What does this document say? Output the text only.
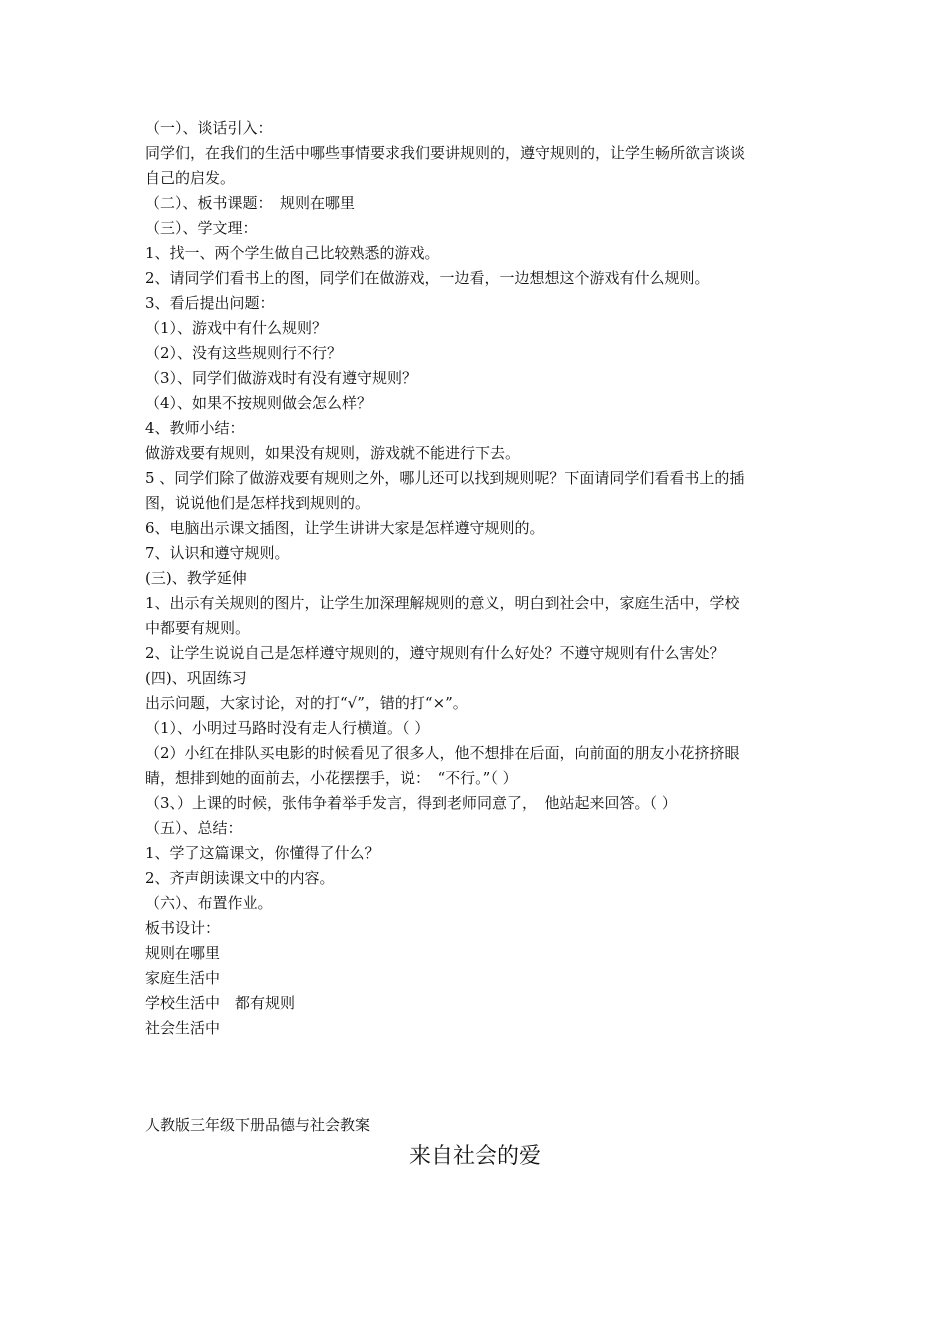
（一）、谈话引入：
同学们，在我们的生活中哪些事情要求我们要讲规则的，遵守规则的，让学生畅所欲言谈谈
自己的启发。
（二）、板书课题：　规则在哪里
（三）、学文理：
1、找一、两个学生做自己比较熟悉的游戏。
2、请同学们看书上的图，同学们在做游戏，一边看，一边想想这个游戏有什么规则。
3、看后提出问题：
（1）、游戏中有什么规则？
（2）、没有这些规则行不行？
（3）、同学们做游戏时有没有遵守规则？
（4）、如果不按规则做会怎么样？
4、教师小结：
做游戏要有规则，如果没有规则，游戏就不能进行下去。
5 、同学们除了做游戏要有规则之外，哪儿还可以找到规则呢？下面请同学们看看书上的插
图，说说他们是怎样找到规则的。
6、电脑出示课文插图，让学生讲讲大家是怎样遵守规则的。
7、认识和遵守规则。
(三)、教学延伸
1、出示有关规则的图片，让学生加深理解规则的意义，明白到社会中，家庭生活中，学校
中都要有规则。
2、让学生说说自己是怎样遵守规则的，遵守规则有什么好处？不遵守规则有什么害处？
(四)、巩固练习
出示问题，大家讨论，对的打“√”，错的打“×”。
（1）、小明过马路时没有走人行横道。（ ）
（2）小红在排队买电影的时候看见了很多人，他不想排在后面，向前面的朋友小花挤挤眼
睛，想排到她的面前去，小花摆摆手，说：　“不行。”（ ）
（3、）上课的时候，张伟争着举手发言，得到老师同意了，　他站起来回答。（ ）
（五）、总结：
1、学了这篇课文，你懂得了什么？
2、齐声朗读课文中的内容。
（六）、布置作业。
板书设计：
规则在哪里
家庭生活中
学校生活中　都有规则
社会生活中
人教版三年级下册品德与社会教案
来自社会的爱
